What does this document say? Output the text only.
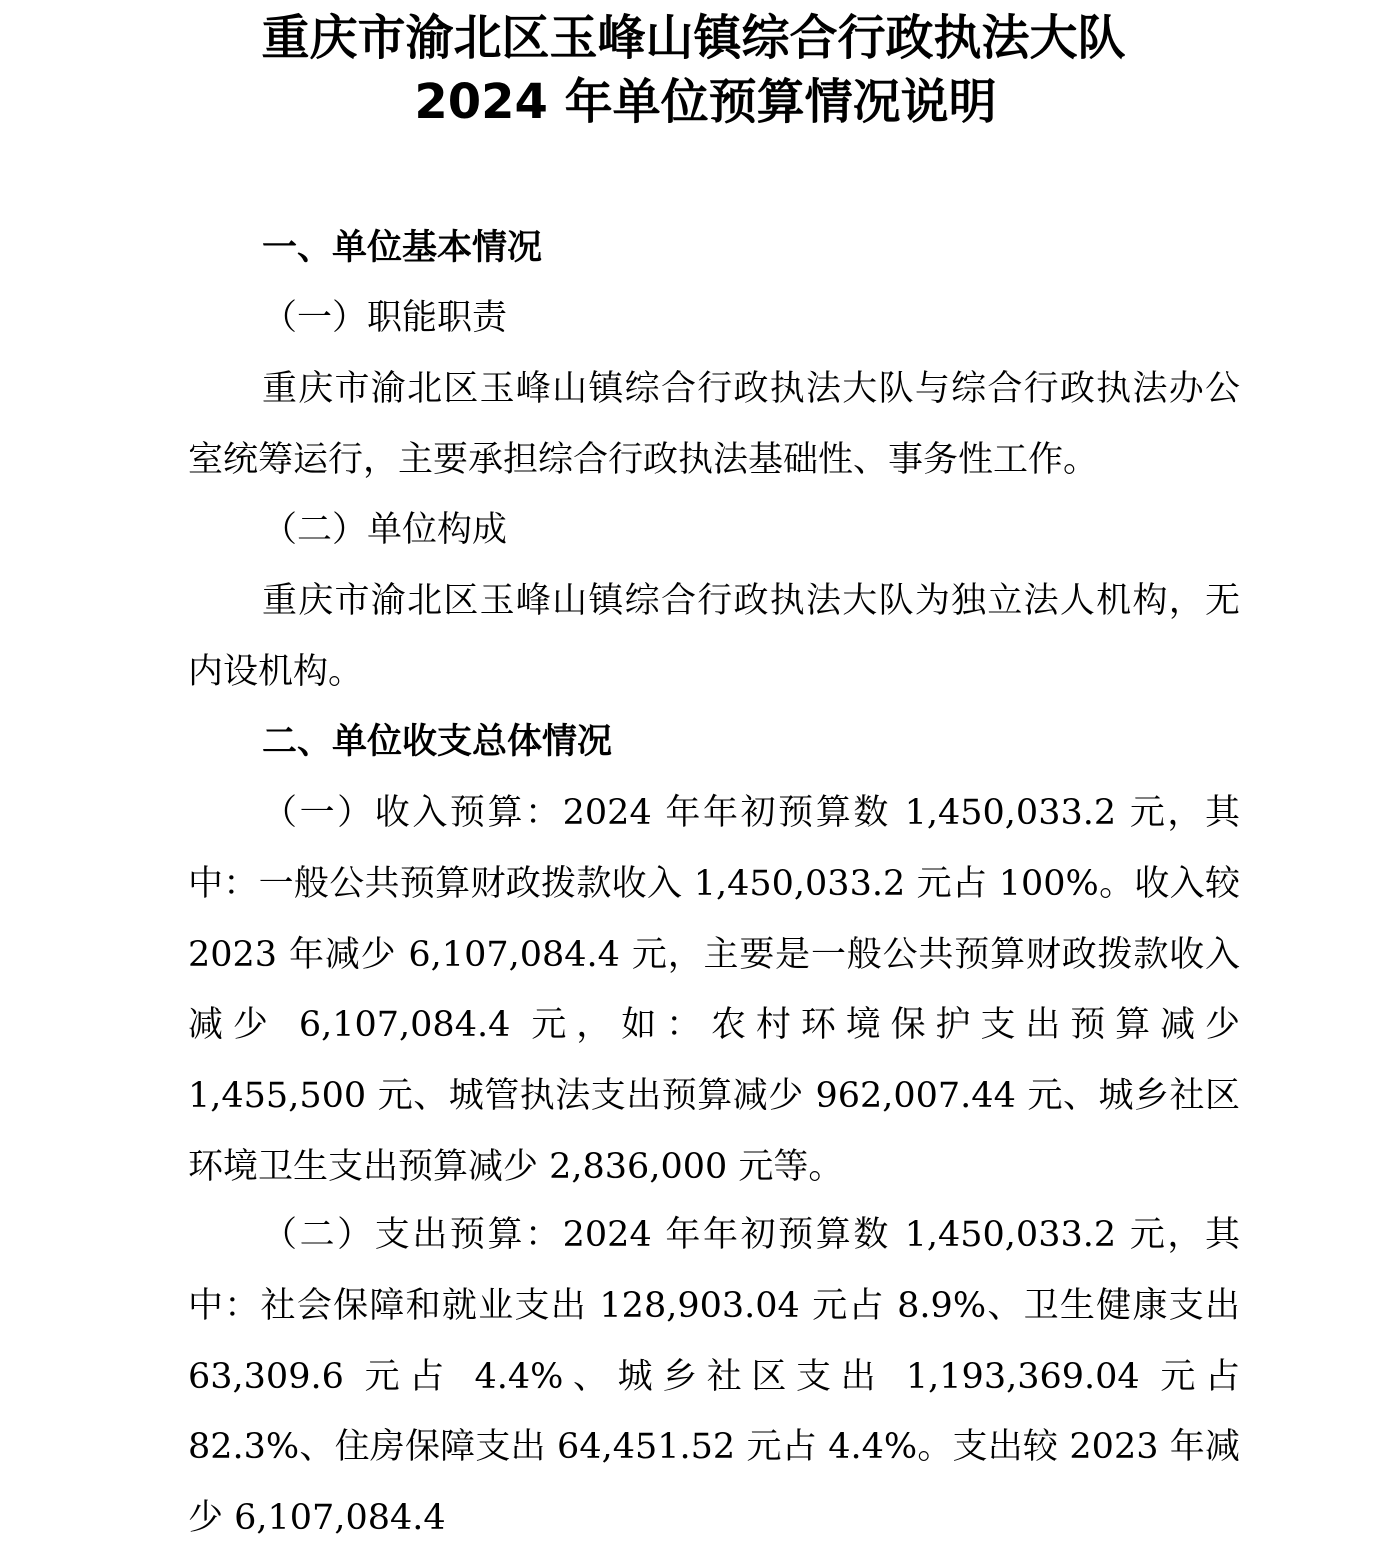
重庆市渝北区玉峰山镇综合行政执法大队
2024 年单位预算情况说明
一、单位基本情况
（一）职能职责
重庆市渝北区玉峰山镇综合行政执法大队与综合行政执法办公室统筹运行，主要承担综合行政执法基础性、事务性工作。
（二）单位构成
重庆市渝北区玉峰山镇综合行政执法大队为独立法人机构，无内设机构。
二、单位收支总体情况
（一）收入预算：2024 年年初预算数 1,450,033.2 元，其中：一般公共预算财政拨款收入 1,450,033.2 元占 100%。收入较 2023 年减少 6,107,084.4 元，主要是一般公共预算财政拨款收入减少 6,107,084.4 元，如：农村环境保护支出预算减少 1,455,500 元、城管执法支出预算减少 962,007.44 元、城乡社区环境卫生支出预算减少 2,836,000 元等。
（二）支出预算：2024 年年初预算数 1,450,033.2 元，其中：社会保障和就业支出 128,903.04 元占 8.9%、卫生健康支出 63,309.6 元占 4.4%、城乡社区支出 1,193,369.04 元占 82.3%、住房保障支出 64,451.52 元占 4.4%。支出较 2023 年减少 6,107,084.4
